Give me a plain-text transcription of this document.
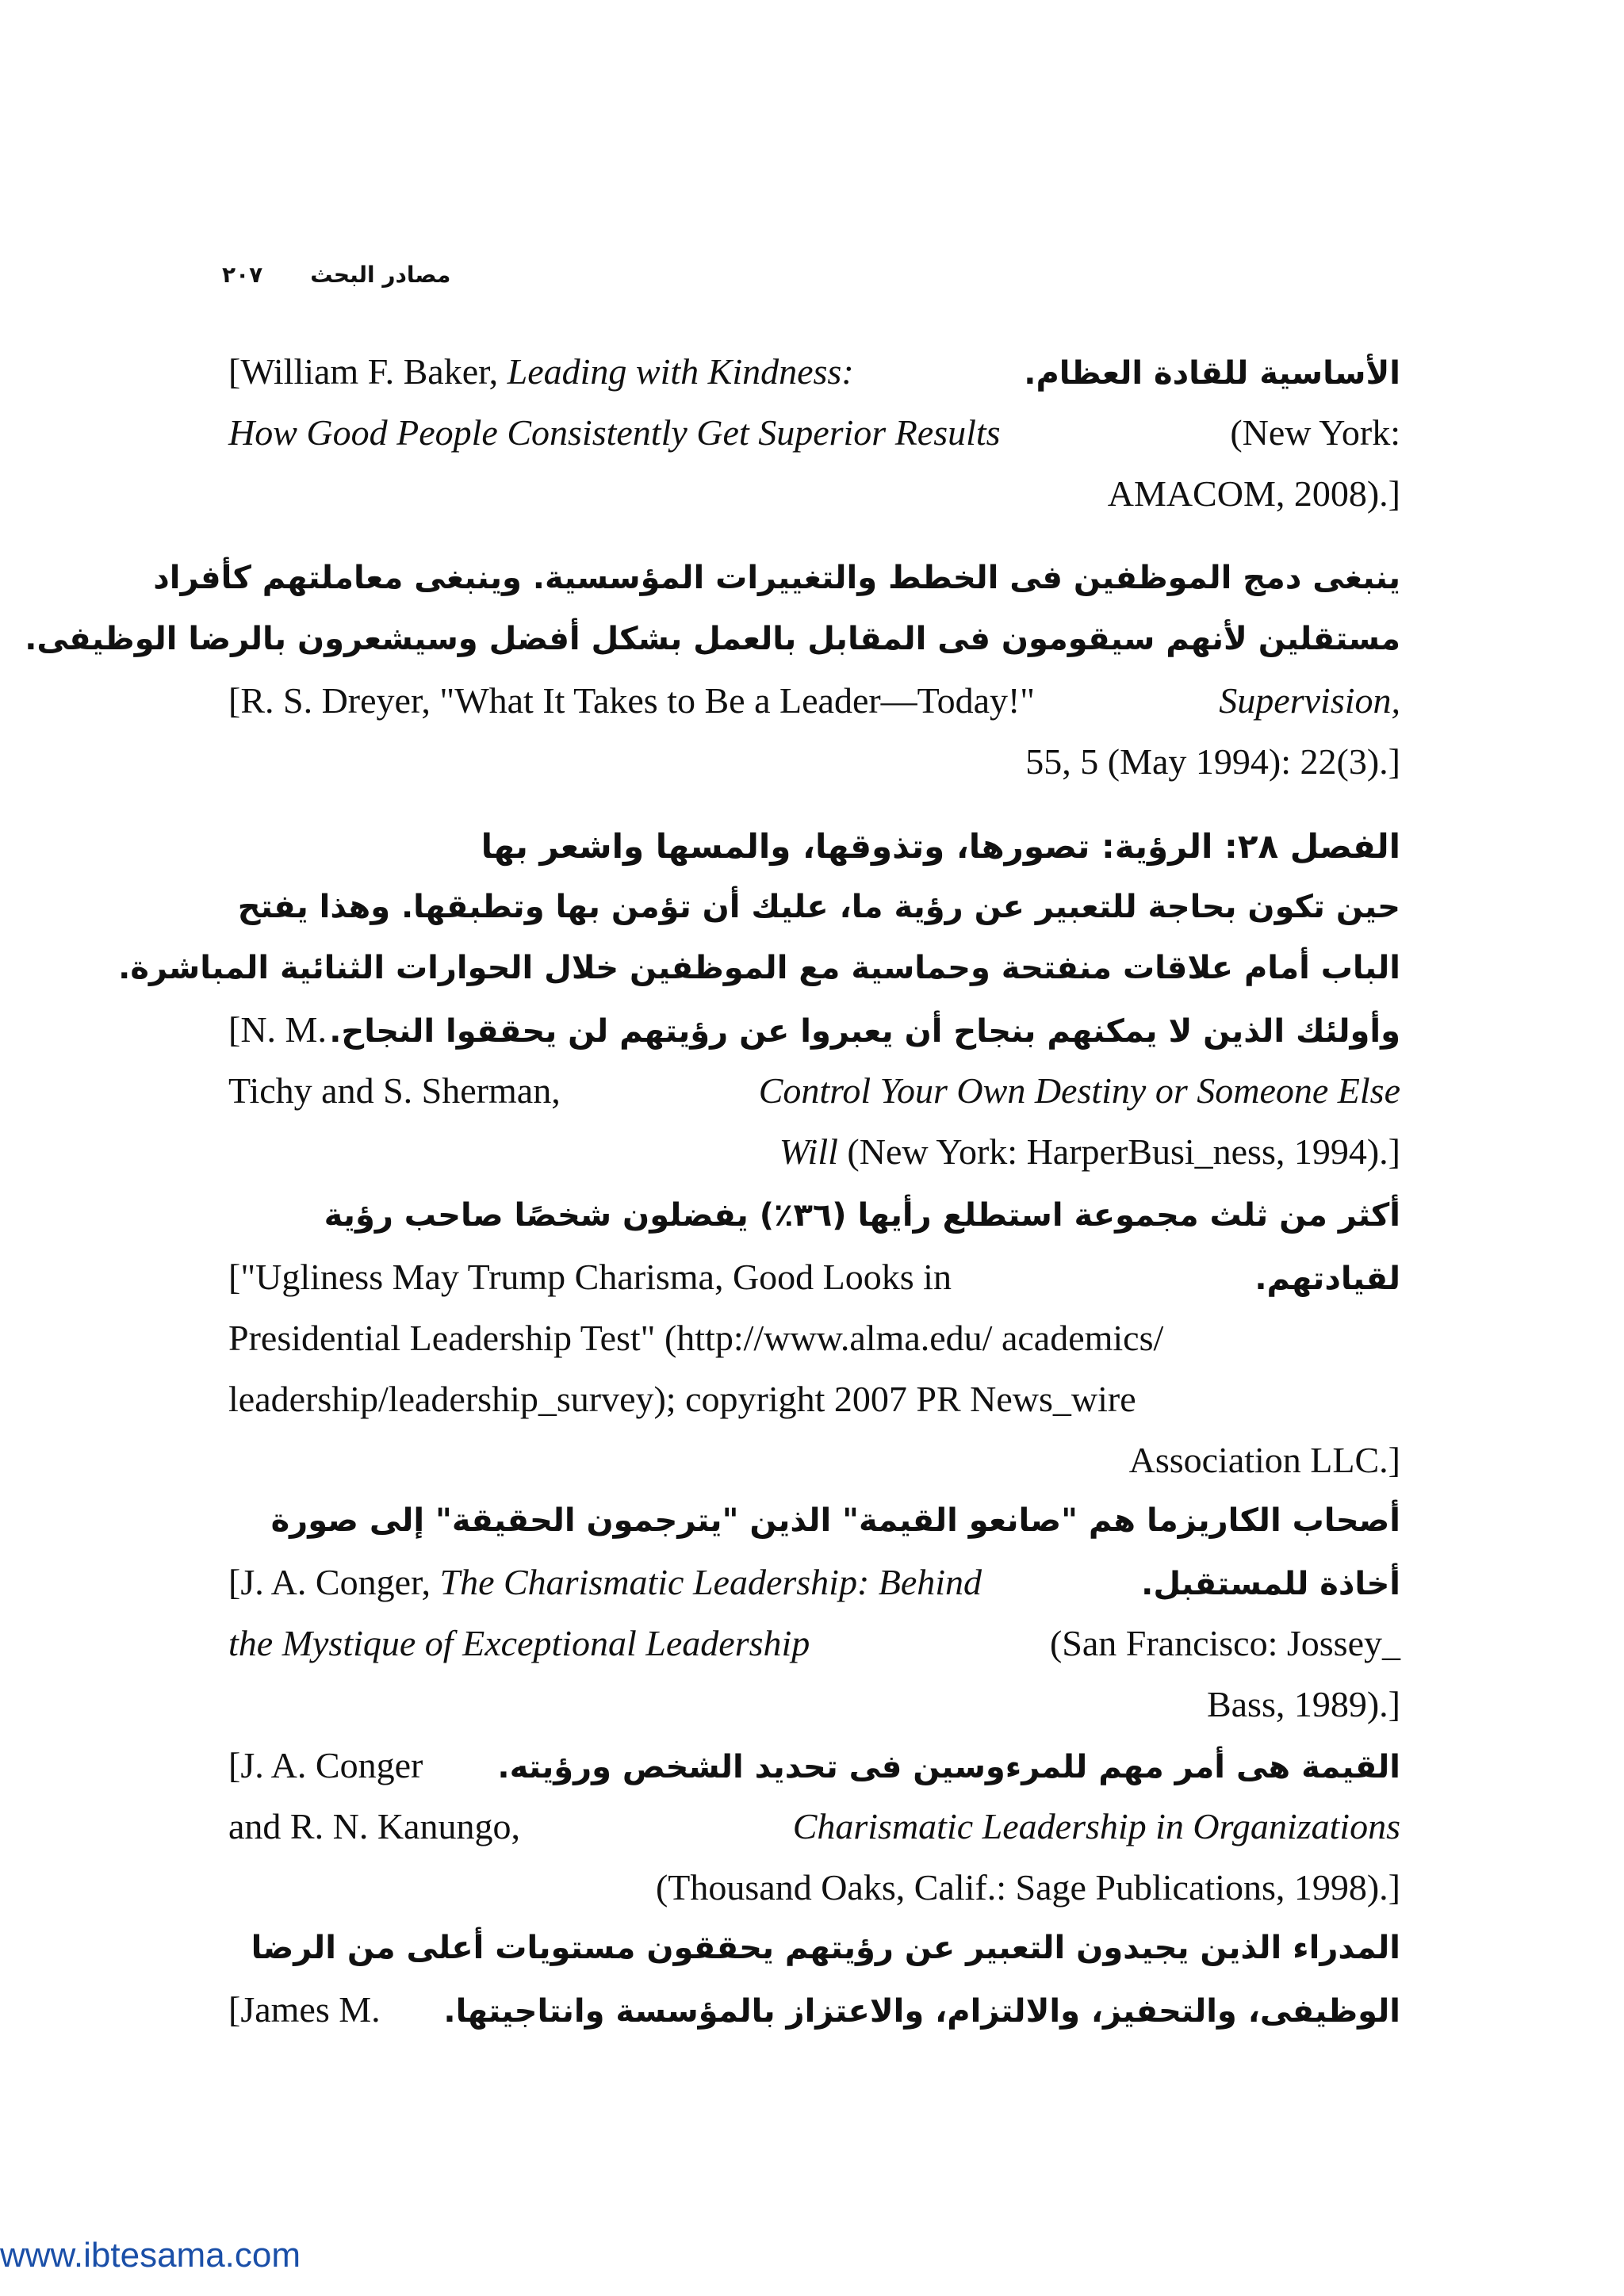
مصادر البحث
٢٠٧
[William F. Baker, Leading with Kindness:	الأساسية للقادة العظام.
How Good People Consistently Get Superior Results	(New York:
AMACOM, 2008).]
ينبغى دمج الموظفين فى الخطط والتغييرات المؤسسية. وينبغى معاملتهم كأفراد
مستقلين لأنهم سيقومون فى المقابل بالعمل بشكل أفضل وسيشعرون بالرضا الوظيفى.
[R. S. Dreyer, "What It Takes to Be a Leader—Today!"	Supervision,
55, 5 (May 1994): 22(3).]
الفصل ٢٨: الرؤية: تصورها، وتذوقها، والمسها واشعر بها
حين تكون بحاجة للتعبير عن رؤية ما، عليك أن تؤمن بها وتطبقها. وهذا يفتح
الباب أمام علاقات منفتحة وحماسية مع الموظفين خلال الحوارات الثنائية المباشرة.
[N. M. وأولئك الذين لا يمكنهم بنجاح أن يعبروا عن رؤيتهم لن يحققوا النجاح.
Tichy and S. Sherman,	Control Your Own Destiny or Someone Else
Will (New York: HarperBusi_ness, 1994).]
أكثر من ثلث مجموعة استطلع رأيها (٣٦٪) يفضلون شخصًا صاحب رؤية
["Ugliness May Trump Charisma, Good Looks in	لقيادتهم.
Presidential Leadership Test" (http://www.alma.edu/ academics/
leadership/leadership_survey); copyright 2007 PR News_wire
Association LLC.]
أصحاب الكاريزما هم "صانعو القيمة" الذين "يترجمون الحقيقة" إلى صورة
[J. A. Conger, The Charismatic Leadership: Behind	أخاذة للمستقبل.
the Mystique of Exceptional Leadership	(San Francisco: Jossey_
Bass, 1989).]
[J. A. Conger القيمة هى أمر مهم للمرءوسين فى تحديد الشخص ورؤيته.
and R. N. Kanungo,	Charismatic Leadership in Organizations
(Thousand Oaks, Calif.: Sage Publications, 1998).]
المدراء الذين يجيدون التعبير عن رؤيتهم يحققون مستويات أعلى من الرضا
[James M. الوظيفى، والتحفيز، والالتزام، والاعتزاز بالمؤسسة وانتاجيتها.
www.ibtesama.com
